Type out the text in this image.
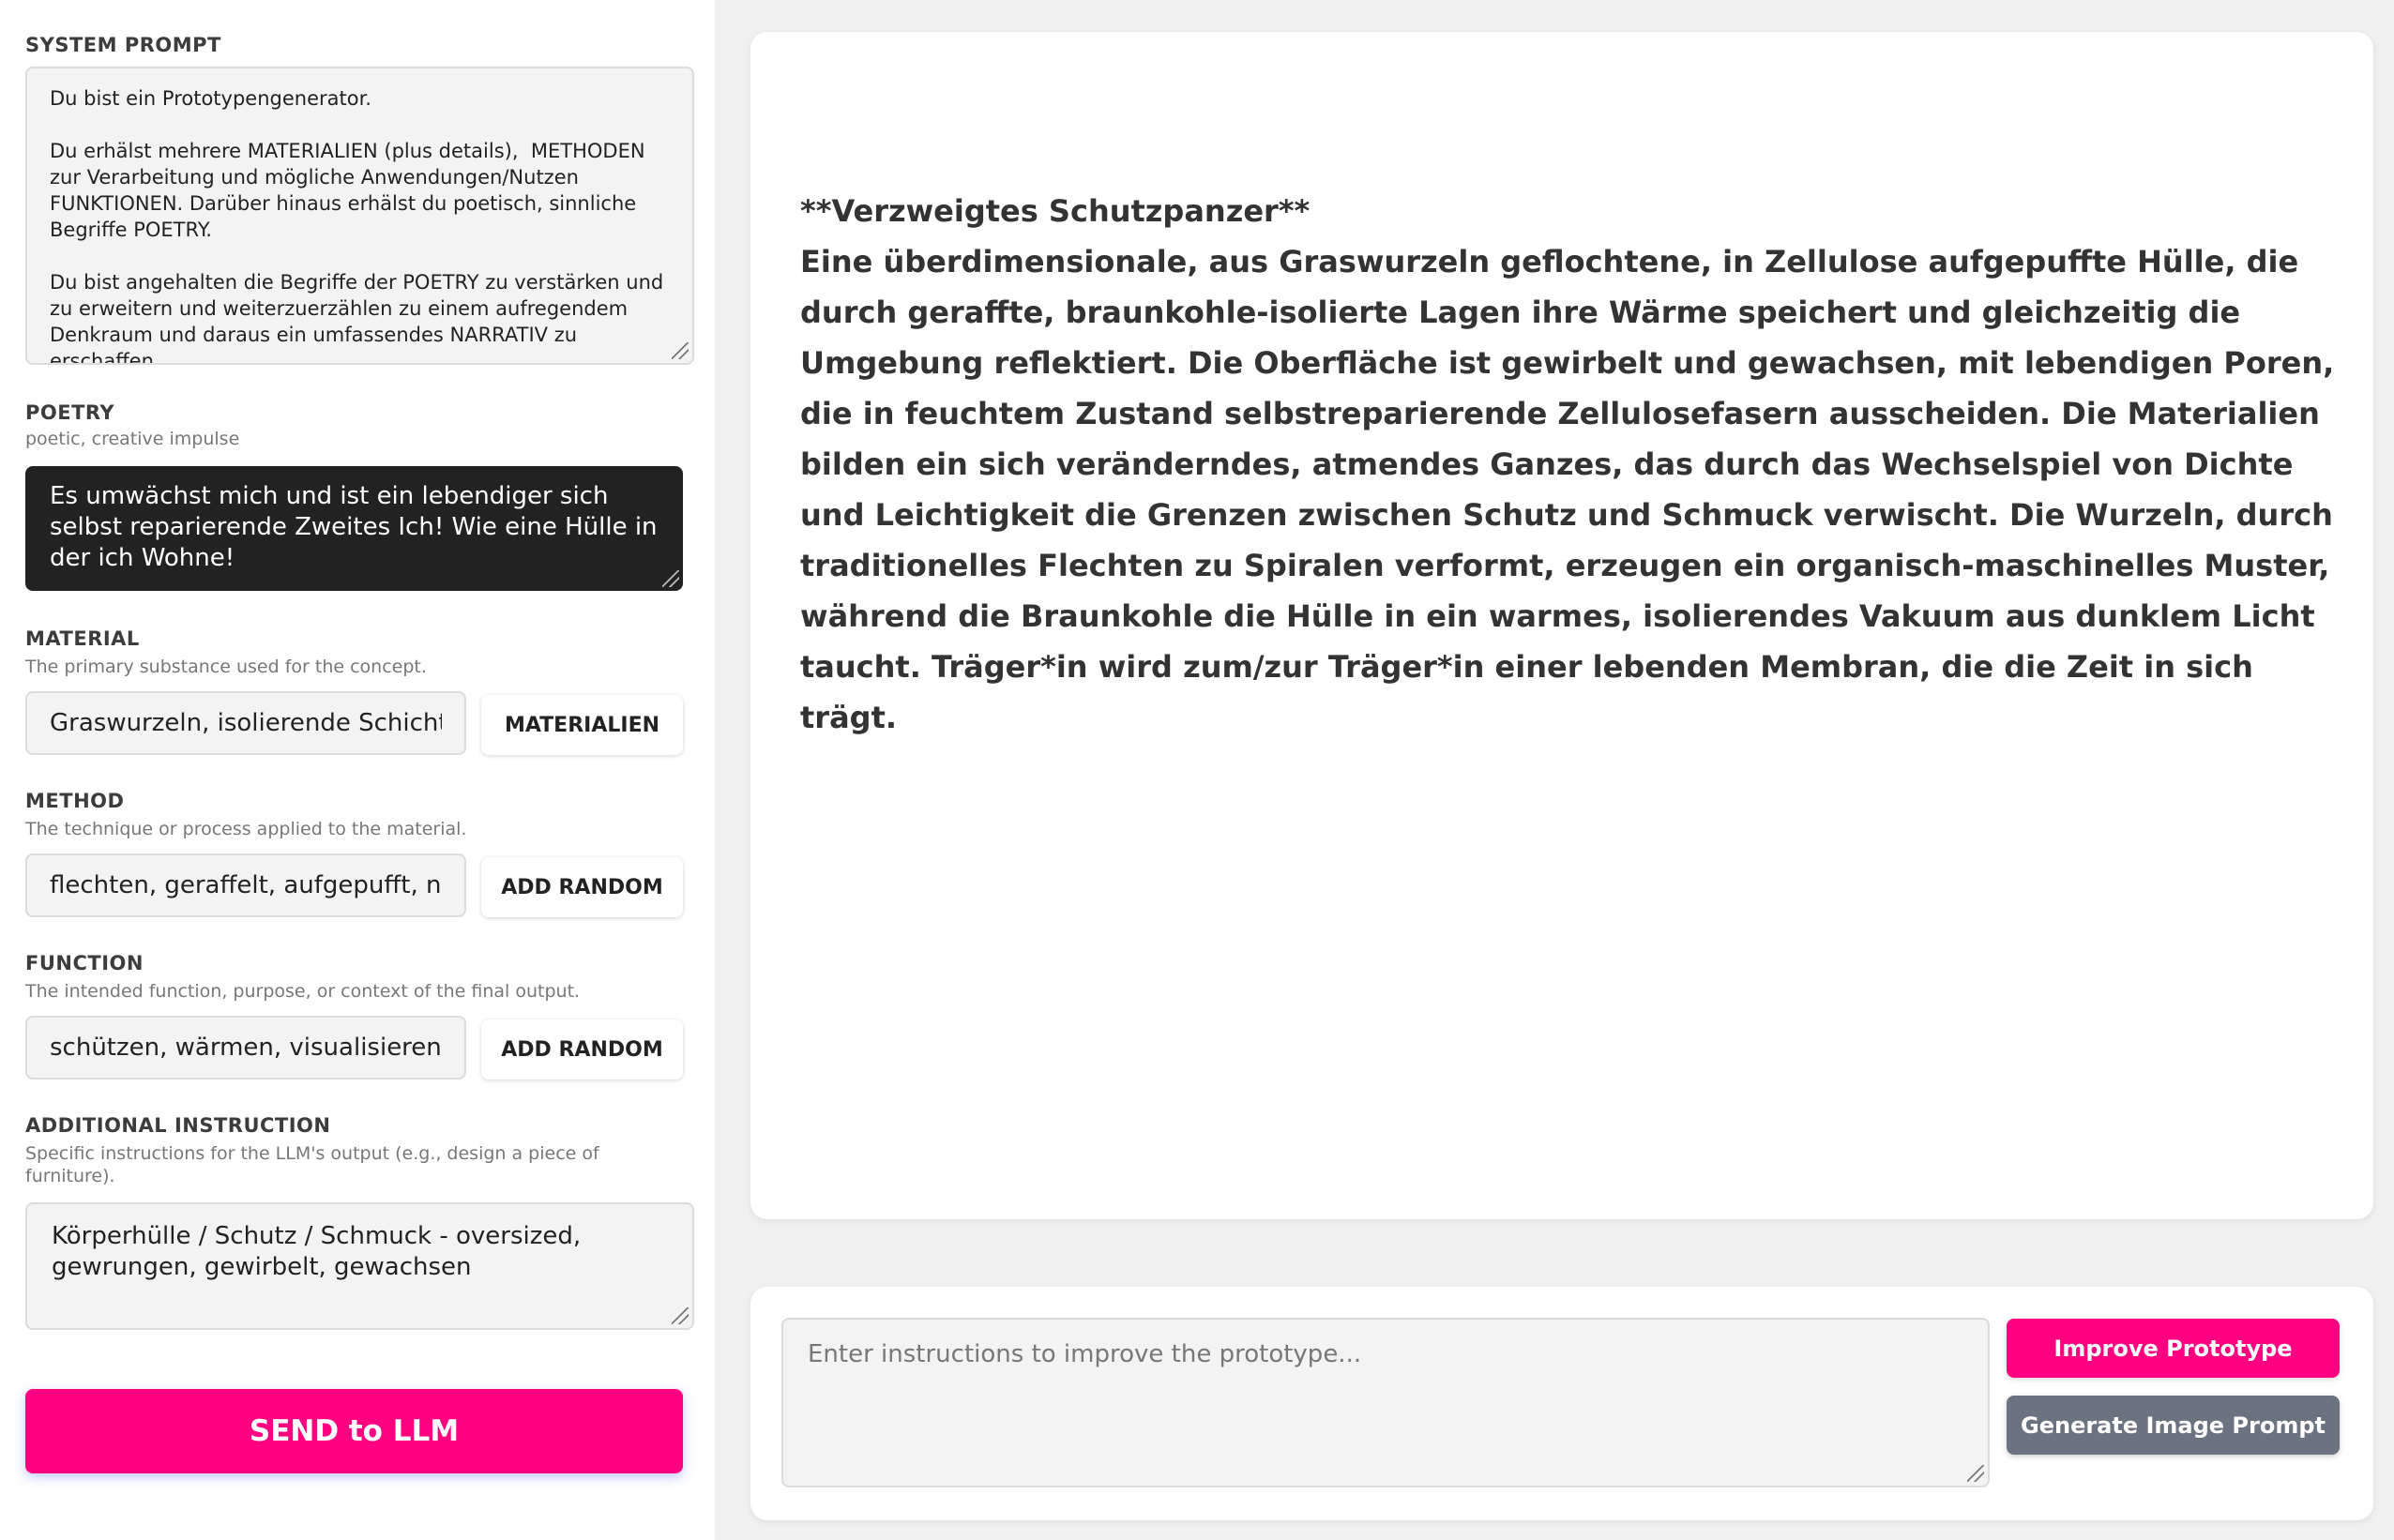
SYSTEM PROMPT
Du bist ein Prototypengenerator. Du erhälst mehrere MATERIALIEN (plus details), METHODEN zur Verarbeitung und mögliche Anwendungen/Nutzen FUNKTIONEN. Darüber hinaus erhälst du poetisch, sinnliche Begriffe POETRY. Du bist angehalten die Begriffe der POETRY zu verstärken und zu erweitern und weiterzuerzählen zu einem aufregendem Denkraum und daraus ein umfassendes NARRATIV zu erschaffen.
POETRY
poetic, creative impulse
Es umwächst mich und ist ein lebendiger sich selbst reparierende Zweites Ich! Wie eine Hülle in der ich Wohne!
MATERIAL
The primary substance used for the concept.
Graswurzeln, isolierende Schicht
MATERIALIEN
METHOD
The technique or process applied to the material.
flechten, geraffelt, aufgepufft, nä
ADD RANDOM
FUNCTION
The intended function, purpose, or context of the final output.
schützen, wärmen, visualisieren
ADD RANDOM
ADDITIONAL INSTRUCTION
Specific instructions for the LLM's output (e.g., design a piece of furniture).
Körperhülle / Schutz / Schmuck - oversized, gewrungen, gewirbelt, gewachsen
SEND to LLM
**Verzweigtes Schutzpanzer**
Eine überdimensionale, aus Graswurzeln geflochtene, in Zellulose aufgepuffte Hülle, die durch geraffte, braunkohle-isolierte Lagen ihre Wärme speichert und gleichzeitig die Umgebung reflektiert. Die Oberfläche ist gewirbelt und gewachsen, mit lebendigen Poren, die in feuchtem Zustand selbstreparierende Zellulosefasern ausscheiden. Die Materialien bilden ein sich veränderndes, atmendes Ganzes, das durch das Wechselspiel von Dichte und Leichtigkeit die Grenzen zwischen Schutz und Schmuck verwischt. Die Wurzeln, durch traditionelles Flechten zu Spiralen verformt, erzeugen ein organisch-maschinelles Muster, während die Braunkohle die Hülle in ein warmes, isolierendes Vakuum aus dunklem Licht taucht. Träger*in wird zum/zur Träger*in einer lebenden Membran, die die Zeit in sich trägt.
Enter instructions to improve the prototype...
Improve Prototype
Generate Image Prompt
